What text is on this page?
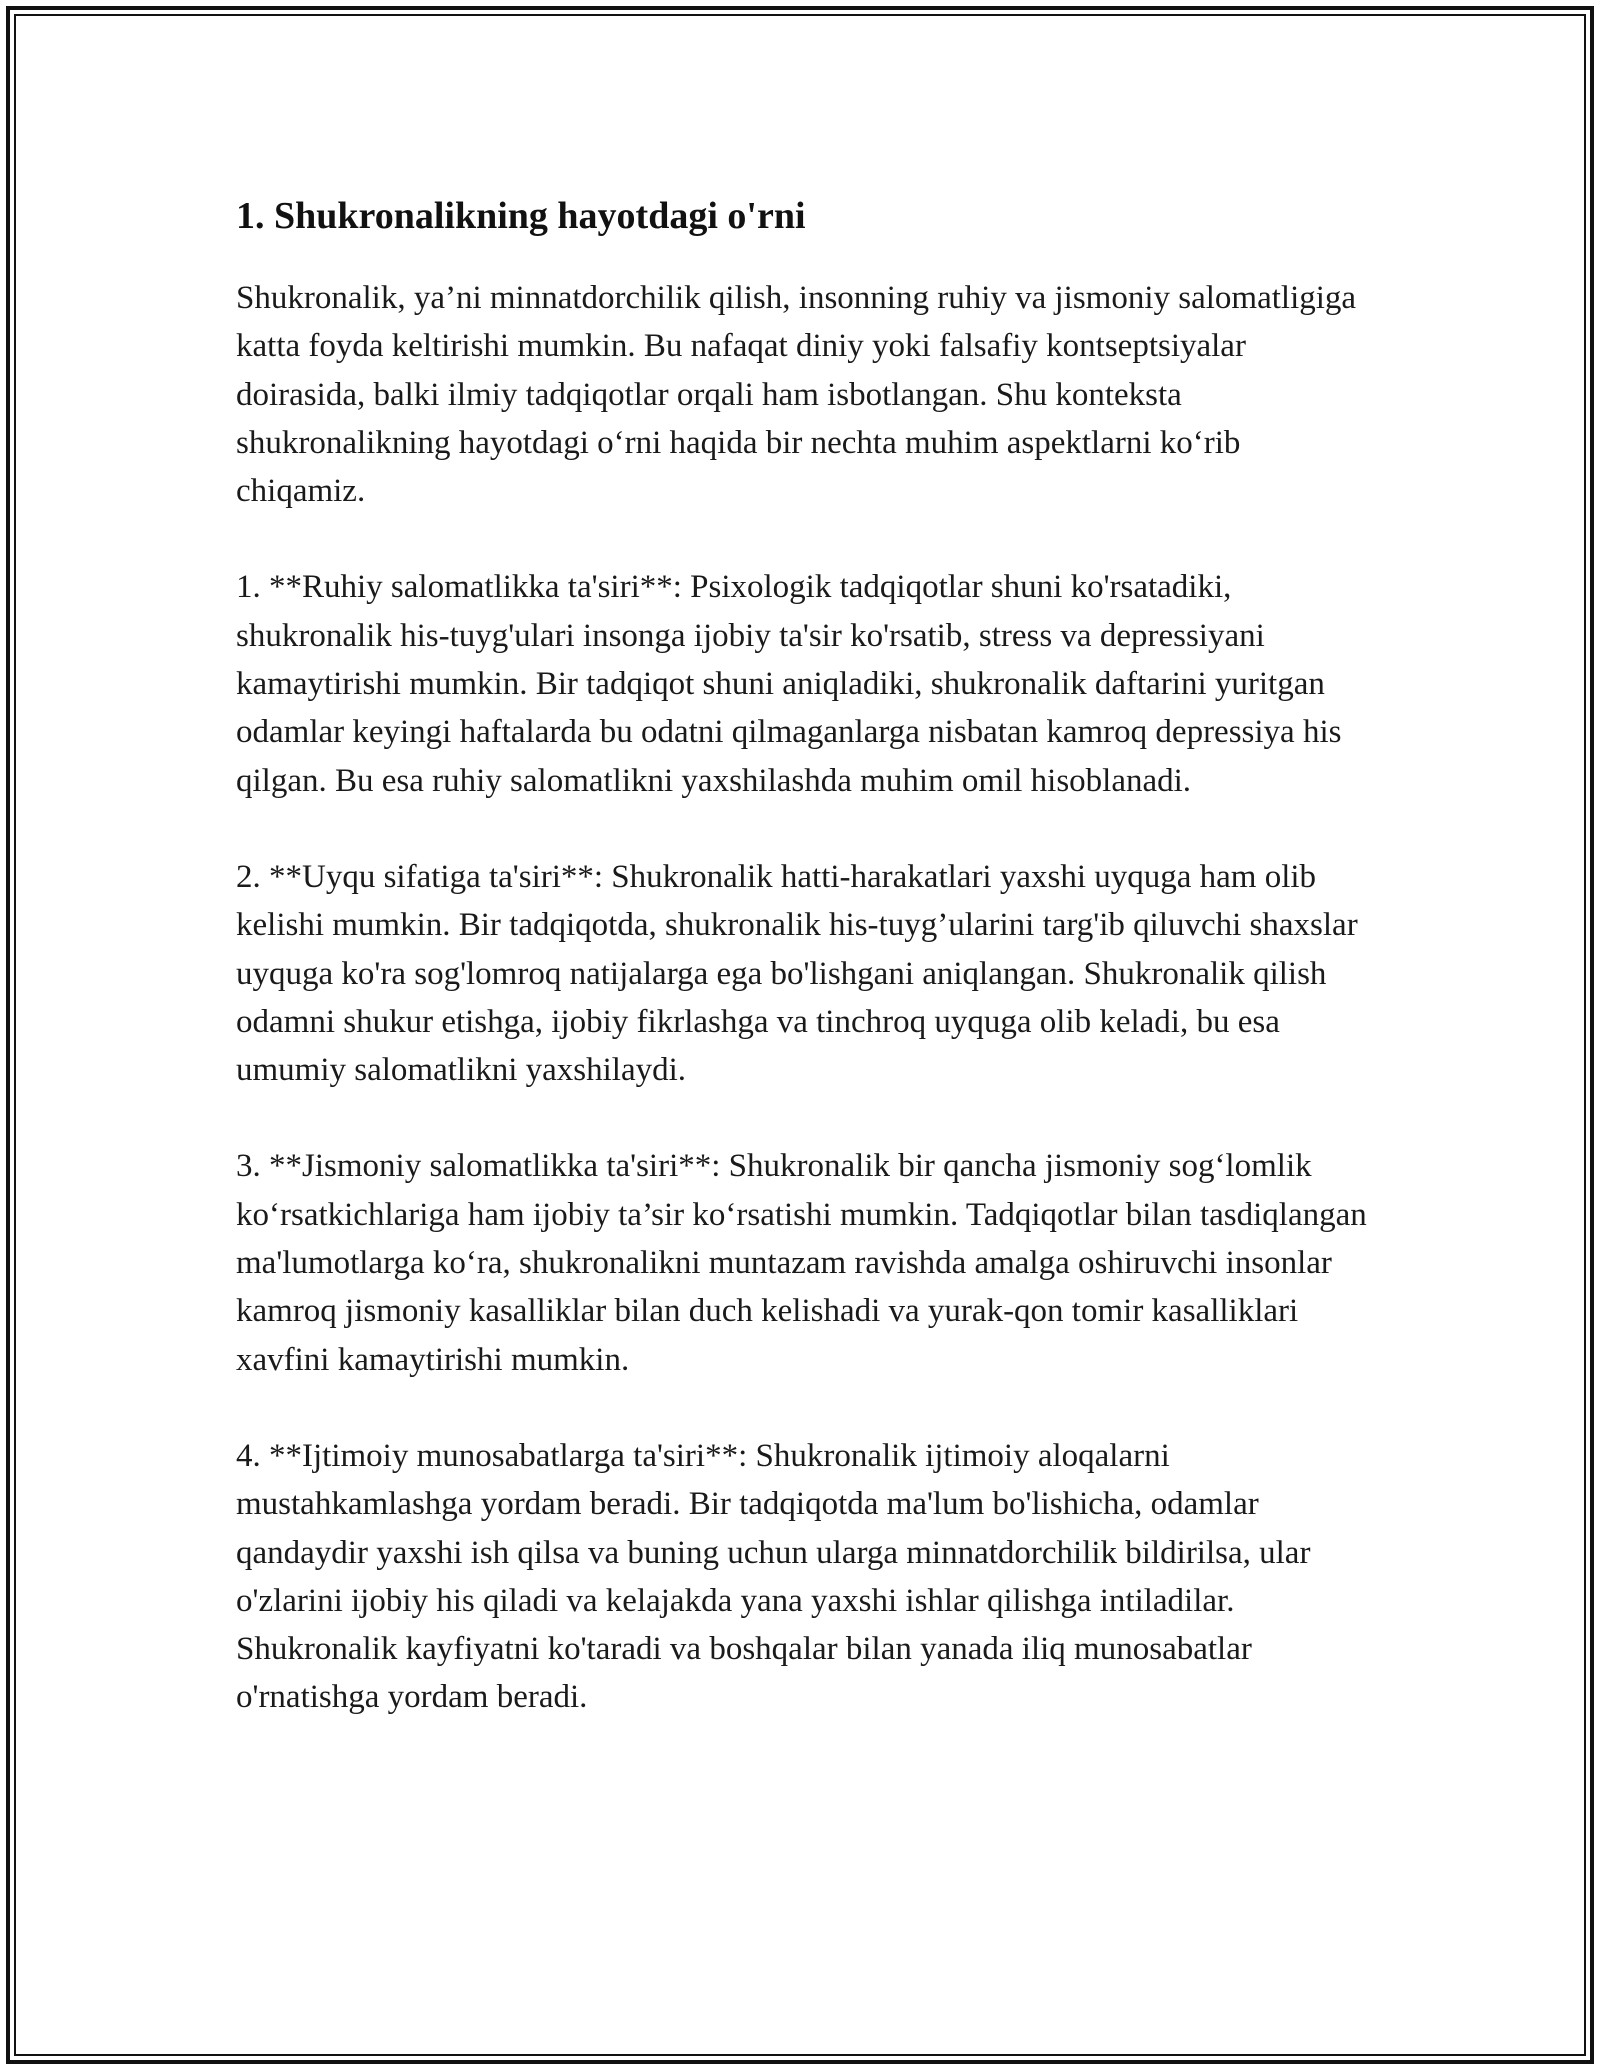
1. Shukronalikning hayotdagi o'rni

Shukronalik, ya’ni minnatdorchilik qilish, insonning ruhiy va jismoniy salomatligiga katta foyda keltirishi mumkin. Bu nafaqat diniy yoki falsafiy kontseptsiyalar doirasida, balki ilmiy tadqiqotlar orqali ham isbotlangan. Shu konteksta shukronalikning hayotdagi o‘rni haqida bir nechta muhim aspektlarni ko‘rib chiqamiz.

1. **Ruhiy salomatlikka ta'siri**: Psixologik tadqiqotlar shuni ko'rsatadiki, shukronalik his-tuyg'ulari insonga ijobiy ta'sir ko'rsatib, stress va depressiyani kamaytirishi mumkin. Bir tadqiqot shuni aniqladiki, shukronalik daftarini yuritgan odamlar keyingi haftalarda bu odatni qilmaganlarga nisbatan kamroq depressiya his qilgan. Bu esa ruhiy salomatlikni yaxshilashda muhim omil hisoblanadi.

2. **Uyqu sifatiga ta'siri**: Shukronalik hatti-harakatlari yaxshi uyquga ham olib kelishi mumkin. Bir tadqiqotda, shukronalik his-tuyg’ularini targ'ib qiluvchi shaxslar uyquga ko'ra sog'lomroq natijalarga ega bo'lishgani aniqlangan. Shukronalik qilish odamni shukur etishga, ijobiy fikrlashga va tinchroq uyquga olib keladi, bu esa umumiy salomatlikni yaxshilaydi.

3. **Jismoniy salomatlikka ta'siri**: Shukronalik bir qancha jismoniy sog‘lomlik ko‘rsatkichlariga ham ijobiy ta’sir ko‘rsatishi mumkin. Tadqiqotlar bilan tasdiqlangan ma'lumotlarga ko‘ra, shukronalikni muntazam ravishda amalga oshiruvchi insonlar kamroq jismoniy kasalliklar bilan duch kelishadi va yurak-qon tomir kasalliklari xavfini kamaytirishi mumkin.

4. **Ijtimoiy munosabatlarga ta'siri**: Shukronalik ijtimoiy aloqalarni mustahkamlashga yordam beradi. Bir tadqiqotda ma'lum bo'lishicha, odamlar qandaydir yaxshi ish qilsa va buning uchun ularga minnatdorchilik bildirilsa, ular o'zlarini ijobiy his qiladi va kelajakda yana yaxshi ishlar qilishga intiladilar. Shukronalik kayfiyatni ko'taradi va boshqalar bilan yanada iliq munosabatlar o'rnatishga yordam beradi.
